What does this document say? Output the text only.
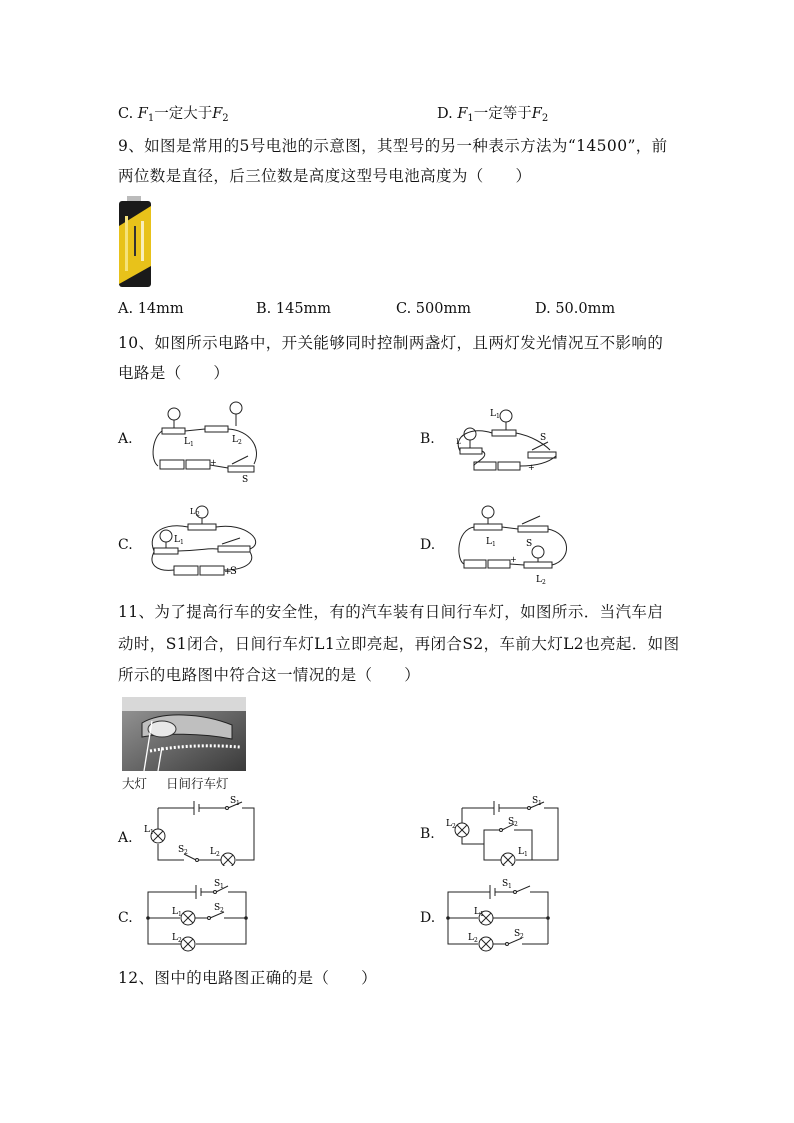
C. $F_1$一定大于$F_2$	D. $F_1$一定等于$F_2$
9、如图是常用的5号电池的示意图，其型号的另一种表示方法为“14500”，前
两位数是直径，后三位数是高度这型号电池高度为（　　）
A. 14mm	B. 145mm	C. 500mm	D. 50.0mm
10、如图所示电路中，开关能够同时控制两盏灯，且两灯发光情况互不影响的
电路是（　　）
A.	B.
C.	D.
L 1	L 2
+
S
L 1
L	S
+
L 2
L 1
+
S
L 1	S
+
L 2
11、为了提高行车的安全性，有的汽车装有日间行车灯，如图所示．当汽车启
动时，S1闭合，日间行车灯L1立即亮起，再闭合S2，车前大灯L2也亮起．如图
所示的电路图中符合这一情况的是（　　）
大灯 日间行车灯
A.	B.
C.	D.
S 1
L 1
S 2 L 2
S 1
L 2	S 2
L 1
S 1
L 1
S 2
L 2
S 1
L 1
L 2
S 2
12、图中的电路图正确的是（　　）
